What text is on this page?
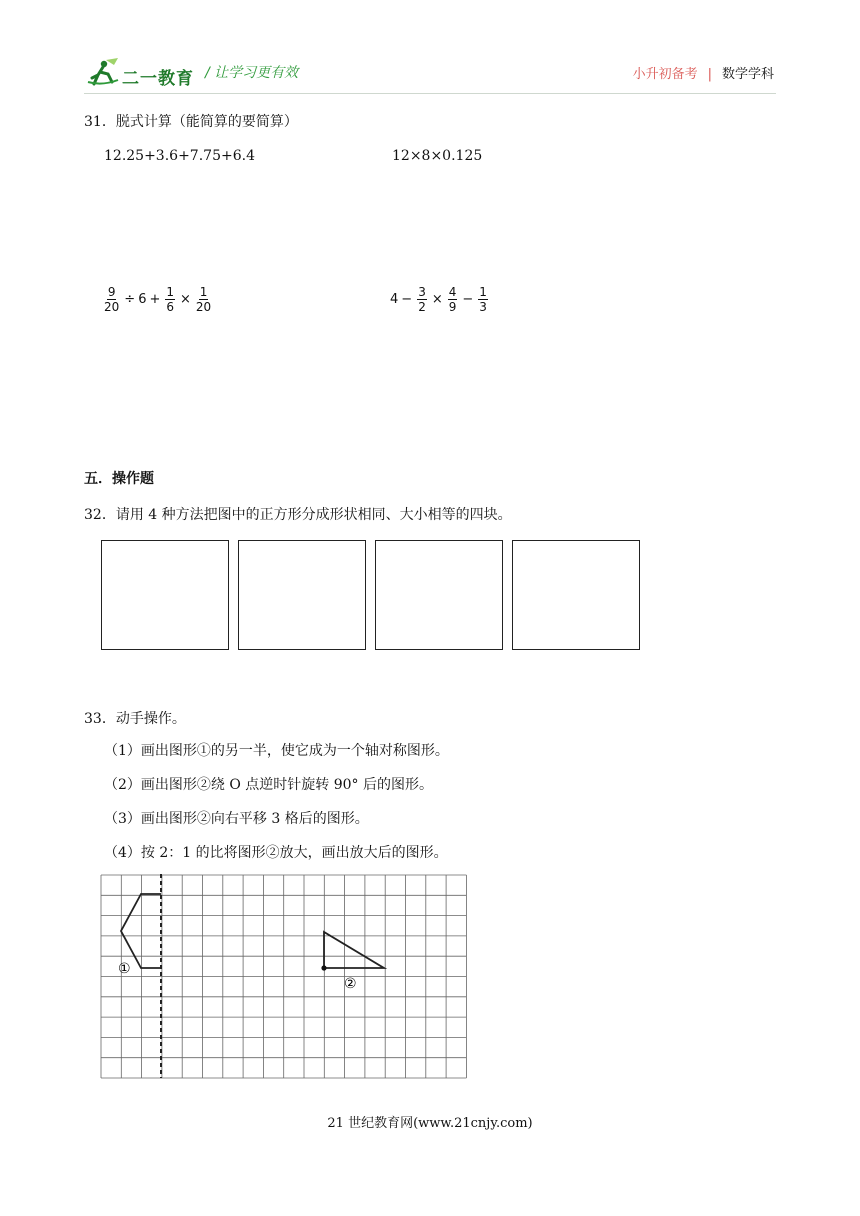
二一教育 / 让学习更有效	小升初备考 | 数学学科
31．脱式计算（能简算的要简算）
12.25+3.6+7.75+6.4	12×8×0.125
$\frac{9}{20} \div 6 + \frac{1}{6} \times \frac{1}{20}$	$4 - \frac{3}{2} \times \frac{4}{9} - \frac{1}{3}$
五．操作题
32．请用 4 种方法把图中的正方形分成形状相同、大小相等的四块。
33．动手操作。
（1）画出图形①的另一半，使它成为一个轴对称图形。
（2）画出图形②绕 O 点逆时针旋转 90° 后的图形。
（3）画出图形②向右平移 3 格后的图形。
（4）按 2：1 的比将图形②放大，画出放大后的图形。
①
②
21 世纪教育网(www.21cnjy.com)
